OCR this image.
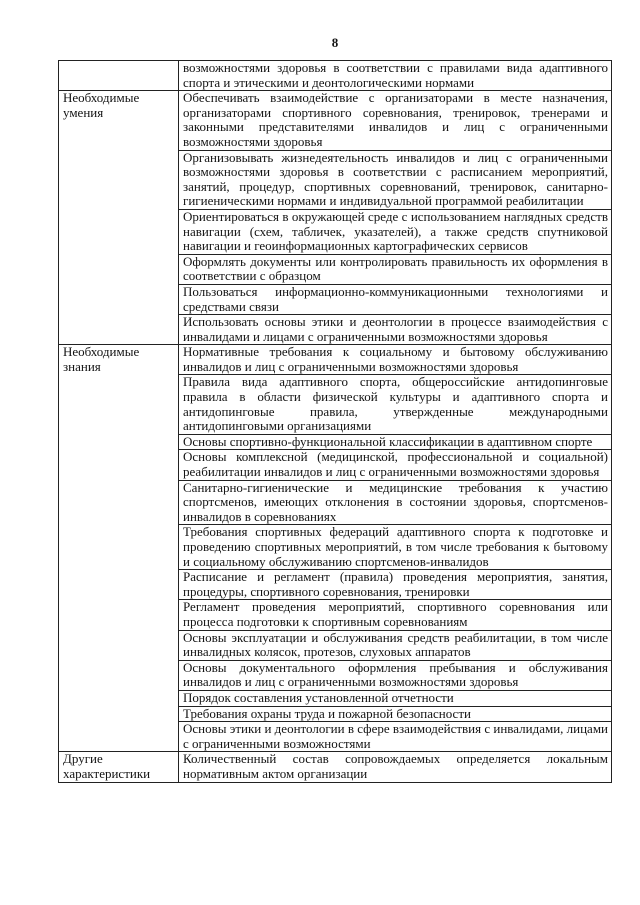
8
	возможностями здоровья в соответствии с правилами вида адаптивного спорта и этическими и деонтологическими нормами
Необходимые умения	Обеспечивать взаимодействие с организаторами в месте назначения, организаторами спортивного соревнования, тренировок, тренерами и законными представителями инвалидов и лиц с ограниченными возможностями здоровья
	Организовывать жизнедеятельность инвалидов и лиц с ограниченными возможностями здоровья в соответствии с расписанием мероприятий, занятий, процедур, спортивных соревнований, тренировок, санитарно-гигиеническими нормами и индивидуальной программой реабилитации
	Ориентироваться в окружающей среде с использованием наглядных средств навигации (схем, табличек, указателей), а также средств спутниковой навигации и геоинформационных картографических сервисов
	Оформлять документы или контролировать правильность их оформления в соответствии с образцом
	Пользоваться информационно-коммуникационными технологиями и средствами связи
	Использовать основы этики и деонтологии в процессе взаимодействия с инвалидами и лицами с ограниченными возможностями здоровья
Необходимые знания	Нормативные требования к социальному и бытовому обслуживанию инвалидов и лиц с ограниченными возможностями здоровья
	Правила вида адаптивного спорта, общероссийские антидопинговые правила в области физической культуры и адаптивного спорта и антидопинговые правила, утвержденные международными антидопинговыми организациями
	Основы спортивно-функциональной классификации в адаптивном спорте
	Основы комплексной (медицинской, профессиональной и социальной) реабилитации инвалидов и лиц с ограниченными возможностями здоровья
	Санитарно-гигиенические и медицинские требования к участию спортсменов, имеющих отклонения в состоянии здоровья, спортсменов-инвалидов в соревнованиях
	Требования спортивных федераций адаптивного спорта к подготовке и проведению спортивных мероприятий, в том числе требования к бытовому и социальному обслуживанию спортсменов-инвалидов
	Расписание и регламент (правила) проведения мероприятия, занятия, процедуры, спортивного соревнования, тренировки
	Регламент проведения мероприятий, спортивного соревнования или процесса подготовки к спортивным соревнованиям
	Основы эксплуатации и обслуживания средств реабилитации, в том числе инвалидных колясок, протезов, слуховых аппаратов
	Основы документального оформления пребывания и обслуживания инвалидов и лиц с ограниченными возможностями здоровья
	Порядок составления установленной отчетности
	Требования охраны труда и пожарной безопасности
	Основы этики и деонтологии в сфере взаимодействия с инвалидами, лицами с ограниченными возможностями
Другие характеристики	Количественный состав сопровождаемых определяется локальным нормативным актом организации
